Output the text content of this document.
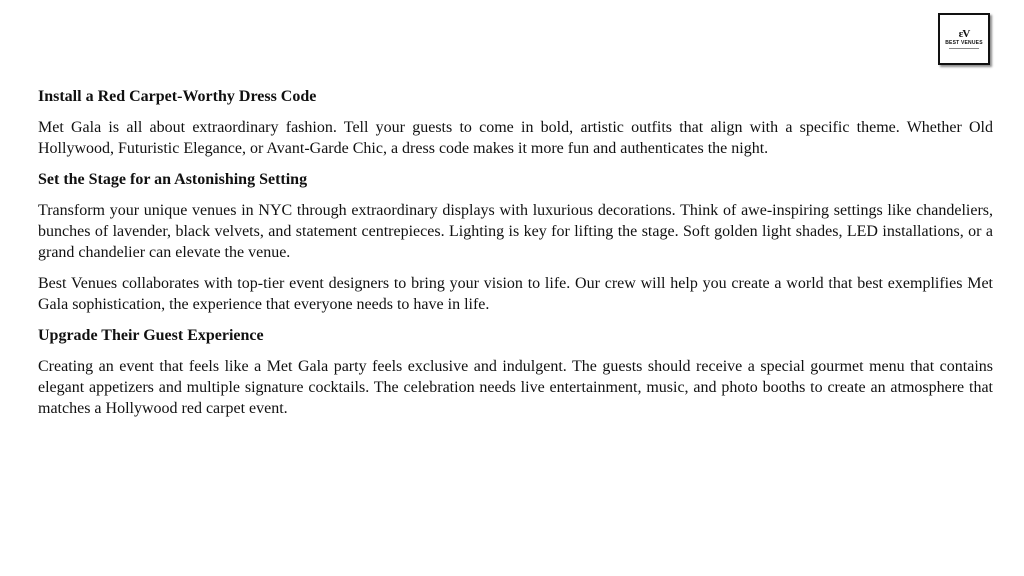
ɛV
BEST VENUES
Install a Red Carpet-Worthy Dress Code

Met Gala is all about extraordinary fashion. Tell your guests to come in bold, artistic outfits that align with a specific theme. Whether Old Hollywood, Futuristic Elegance, or Avant-Garde Chic, a dress code makes it more fun and authenticates the night.

Set the Stage for an Astonishing Setting

Transform your unique venues in NYC through extraordinary displays with luxurious decorations. Think of awe-inspiring settings like chandeliers, bunches of lavender, black velvets, and statement centrepieces. Lighting is key for lifting the stage. Soft golden light shades, LED installations, or a grand chandelier can elevate the venue.

Best Venues collaborates with top-tier event designers to bring your vision to life. Our crew will help you create a world that best exemplifies Met Gala sophistication, the experience that everyone needs to have in life.

Upgrade Their Guest Experience

Creating an event that feels like a Met Gala party feels exclusive and indulgent. The guests should receive a special gourmet menu that contains elegant appetizers and multiple signature cocktails. The celebration needs live entertainment, music, and photo booths to create an atmosphere that matches a Hollywood red carpet event.
